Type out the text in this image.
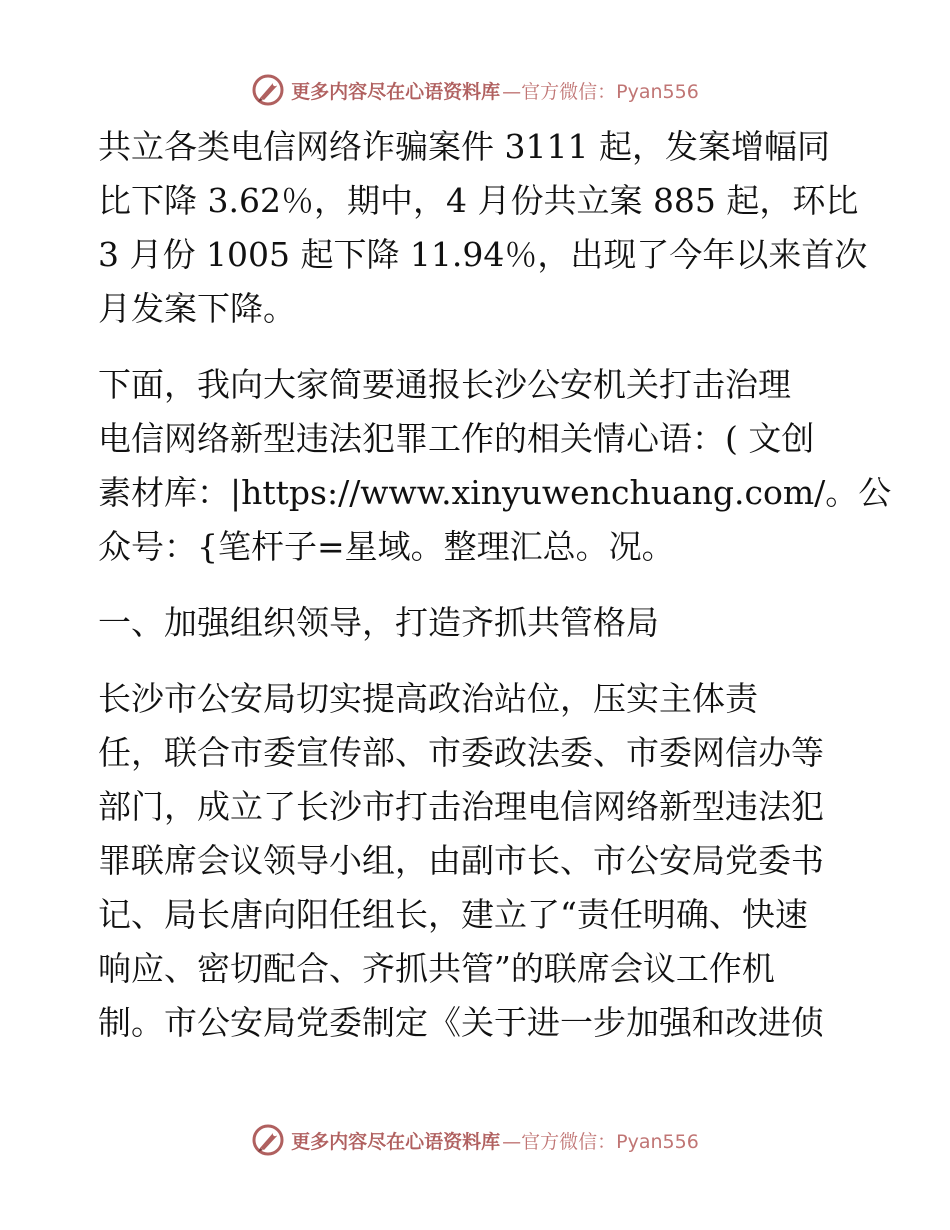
更多内容尽在心语资料库 —官方微信：Pyan556
共立各类电信网络诈骗案件 3111 起，发案增幅同
比下降 3.62％，期中，4 月份共立案 885 起，环比
3 月份 1005 起下降 11.94％，出现了今年以来首次
月发案下降。
下面，我向大家简要通报长沙公安机关打击治理
电信网络新型违法犯罪工作的相关情心语：( 文创
素材库：|https://www.xinyuwenchuang.com/。公
众号：{笔杆子=星域。整理汇总。况。
一、加强组织领导，打造齐抓共管格局
长沙市公安局切实提高政治站位，压实主体责
任，联合市委宣传部、市委政法委、市委网信办等
部门，成立了长沙市打击治理电信网络新型违法犯
罪联席会议领导小组，由副市长、市公安局党委书
记、局长唐向阳任组长，建立了“责任明确、快速
响应、密切配合、齐抓共管”的联席会议工作机
制。市公安局党委制定《关于进一步加强和改进侦
更多内容尽在心语资料库 —官方微信：Pyan556
